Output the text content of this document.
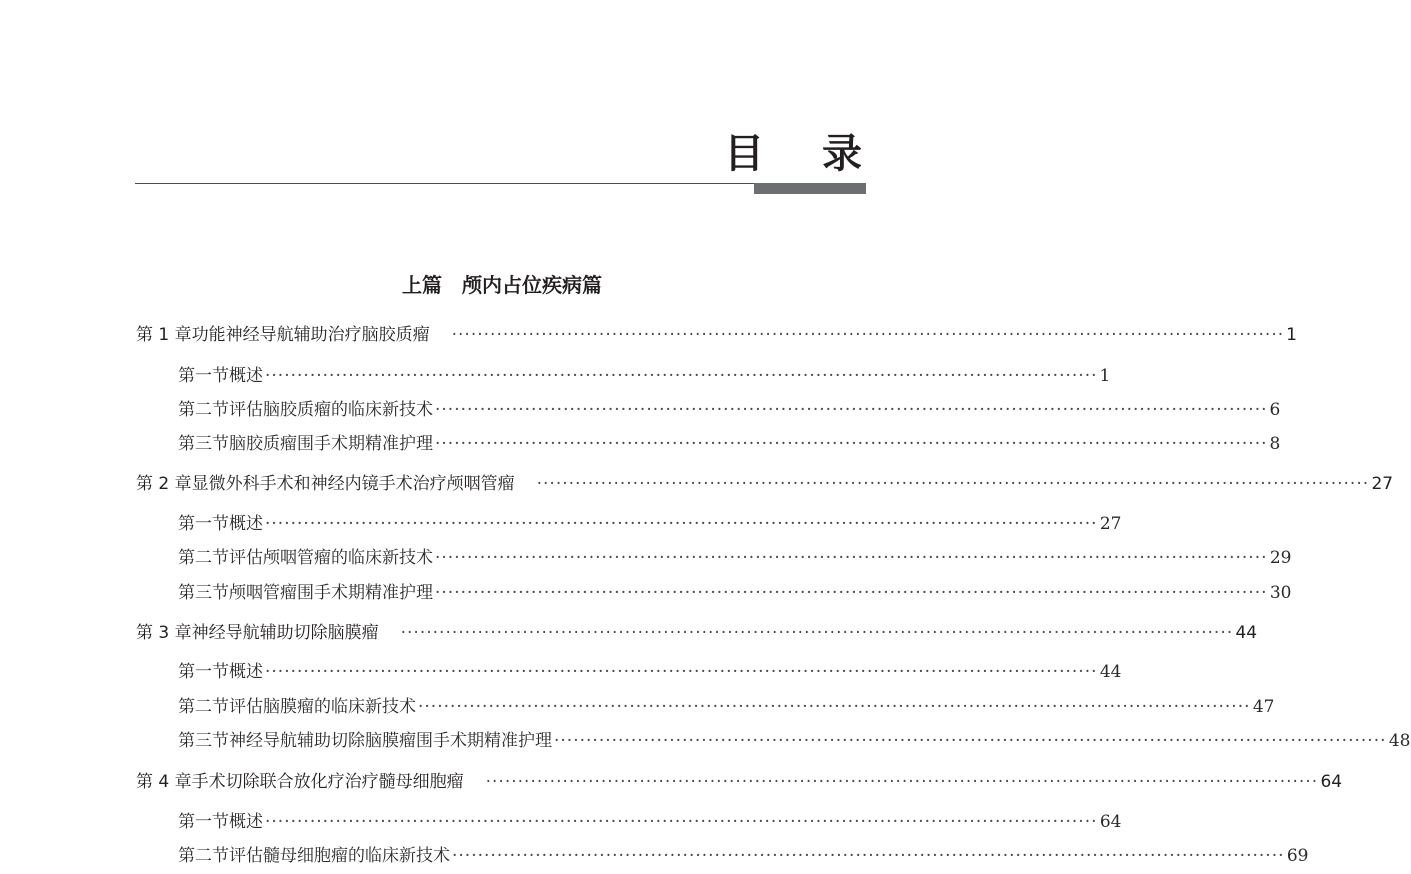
目 录
上篇 颅内占位疾病篇
第 1 章 功能神经导航辅助治疗脑胶质瘤 ·································································································································· 1
第一节 概述 ·································································································································· 1
第二节 评估脑胶质瘤的临床新技术 ·································································································································· 6
第三节 脑胶质瘤围手术期精准护理 ·································································································································· 8
第 2 章 显微外科手术和神经内镜手术治疗颅咽管瘤 ·································································································································· 27
第一节 概述 ·································································································································· 27
第二节 评估颅咽管瘤的临床新技术 ·································································································································· 29
第三节 颅咽管瘤围手术期精准护理 ·································································································································· 30
第 3 章 神经导航辅助切除脑膜瘤 ·································································································································· 44
第一节 概述 ·································································································································· 44
第二节 评估脑膜瘤的临床新技术 ·································································································································· 47
第三节 神经导航辅助切除脑膜瘤围手术期精准护理 ·································································································································· 48
第 4 章 手术切除联合放化疗治疗髓母细胞瘤 ·································································································································· 64
第一节 概述 ·································································································································· 64
第二节 评估髓母细胞瘤的临床新技术 ·································································································································· 69
